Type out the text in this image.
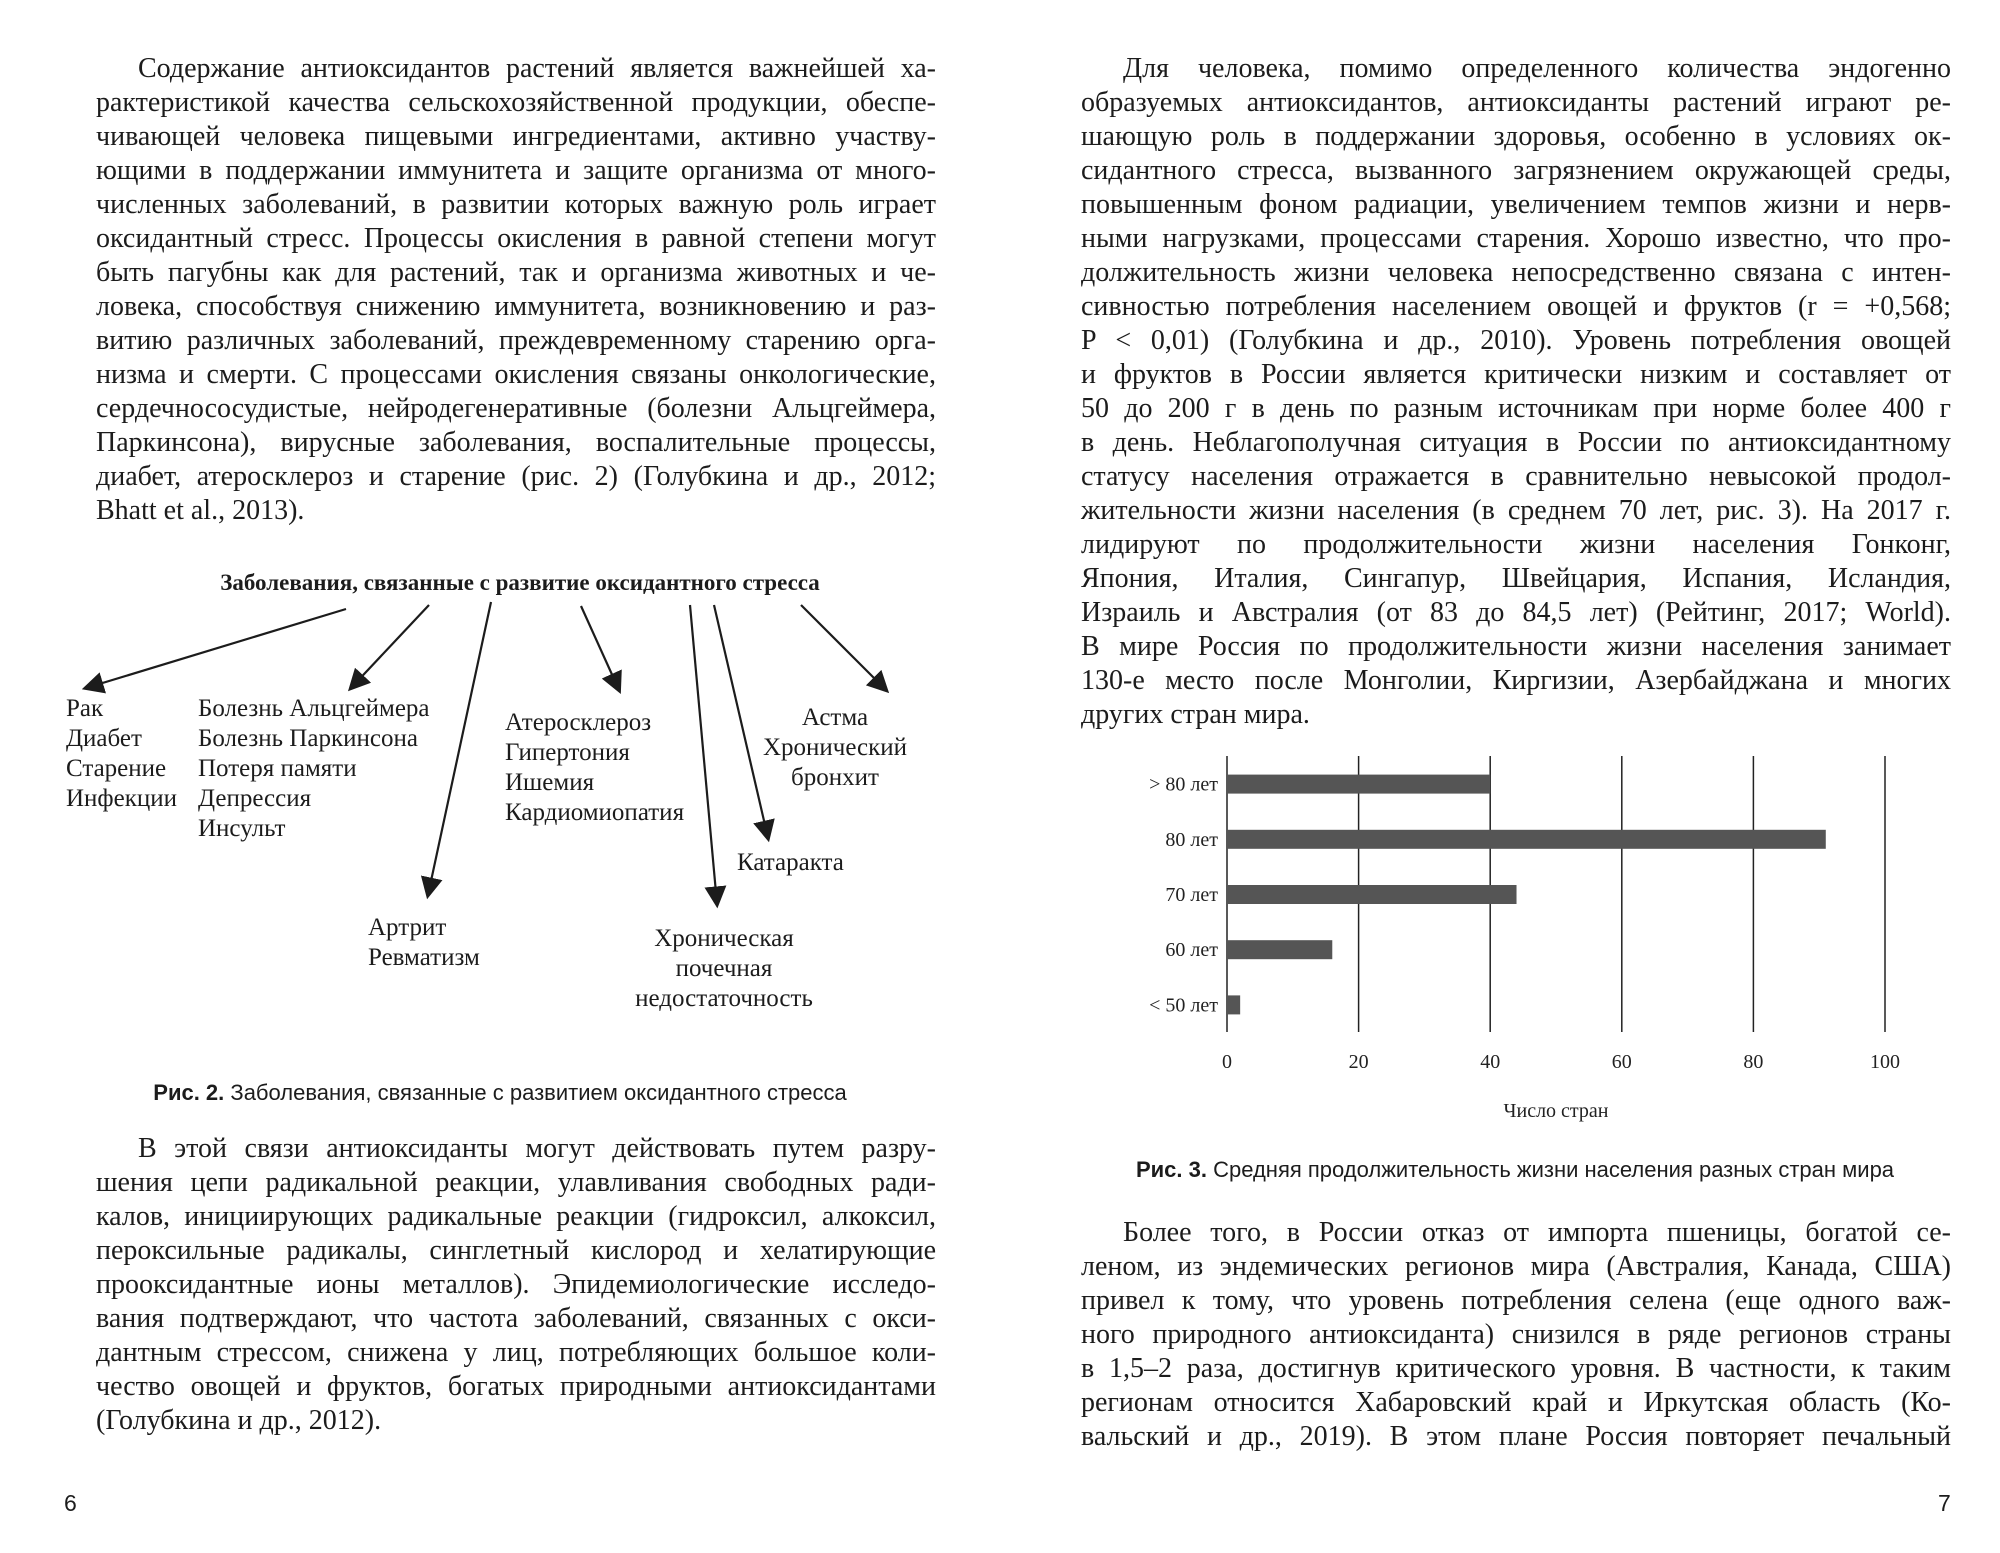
Содержание антиоксидантов растений является важнейшей ха-
рактеристикой качества сельскохозяйственной продукции, обеспе-
чивающей человека пищевыми ингредиентами, активно участву-
ющими в поддержании иммунитета и защите организма от много-
численных заболеваний, в развитии которых важную роль играет
оксидантный стресс. Процессы окисления в равной степени могут
быть пагубны как для растений, так и организма животных и че-
ловека, способствуя снижению иммунитета, возникновению и раз-
витию различных заболеваний, преждевременному старению орга-
низма и смерти. С процессами окисления связаны онкологические,
сердечнососудистые, нейродегенеративные (болезни Альцгеймера,
Паркинсона), вирусные заболевания, воспалительные процессы,
диабет, атеросклероз и старение (рис. 2) (Голубкина и др., 2012;
Bhatt et al., 2013).
Заболевания, связанные с развитие оксидантного стресса
Рак
Диабет
Старение
Инфекции
Болезнь Альцгеймера
Болезнь Паркинсона
Потеря памяти
Депрессия
Инсульт
Артрит
Ревматизм
Атеросклероз
Гипертония
Ишемия
Кардиомиопатия
Хроническая
почечная
недостаточность
Катаракта
Астма
Хронический
бронхит
Рис. 2. Заболевания, связанные с развитием оксидантного стресса
В этой связи антиоксиданты могут действовать путем разру-
шения цепи радикальной реакции, улавливания свободных ради-
калов, инициирующих радикальные реакции (гидроксил, алкоксил,
пероксильные радикалы, синглетный кислород и хелатирующие
прооксидантные ионы металлов). Эпидемиологические исследо-
вания подтверждают, что частота заболеваний, связанных с окси-
дантным стрессом, снижена у лиц, потребляющих большое коли-
чество овощей и фруктов, богатых природными антиоксидантами
(Голубкина и др., 2012).
6
Для человека, помимо определенного количества эндогенно
образуемых антиоксидантов, антиоксиданты растений играют ре-
шающую роль в поддержании здоровья, особенно в условиях ок-
сидантного стресса, вызванного загрязнением окружающей среды,
повышенным фоном радиации, увеличением темпов жизни и нерв-
ными нагрузками, процессами старения. Хорошо известно, что про-
должительность жизни человека непосредственно связана с интен-
сивностью потребления населением овощей и фруктов (r = +0,568;
P < 0,01) (Голубкина и др., 2010). Уровень потребления овощей
и фруктов в России является критически низким и составляет от
50 до 200 г в день по разным источникам при норме более 400 г
в день. Неблагополучная ситуация в России по антиоксидантному
статусу населения отражается в сравнительно невысокой продол-
жительности жизни населения (в среднем 70 лет, рис. 3). На 2017 г.
лидируют по продолжительности жизни населения Гонконг,
Япония, Италия, Сингапур, Швейцария, Испания, Исландия,
Израиль и Австралия (от 83 до 84,5 лет) (Рейтинг, 2017; World).
В мире Россия по продолжительности жизни населения занимает
130-е место после Монголии, Киргизии, Азербайджана и многих
других стран мира.
0	20	40	60	80	100
> 80 лет
80 лет
70 лет
60 лет
< 50 лет
Число стран
Рис. 3. Средняя продолжительность жизни населения разных стран мира
Более того, в России отказ от импорта пшеницы, богатой се-
леном, из эндемических регионов мира (Австралия, Канада, США)
привел к тому, что уровень потребления селена (еще одного важ-
ного природного антиоксиданта) снизился в ряде регионов страны
в 1,5–2 раза, достигнув критического уровня. В частности, к таким
регионам относится Хабаровский край и Иркутская область (Ко-
вальский и др., 2019). В этом плане Россия повторяет печальный
7
